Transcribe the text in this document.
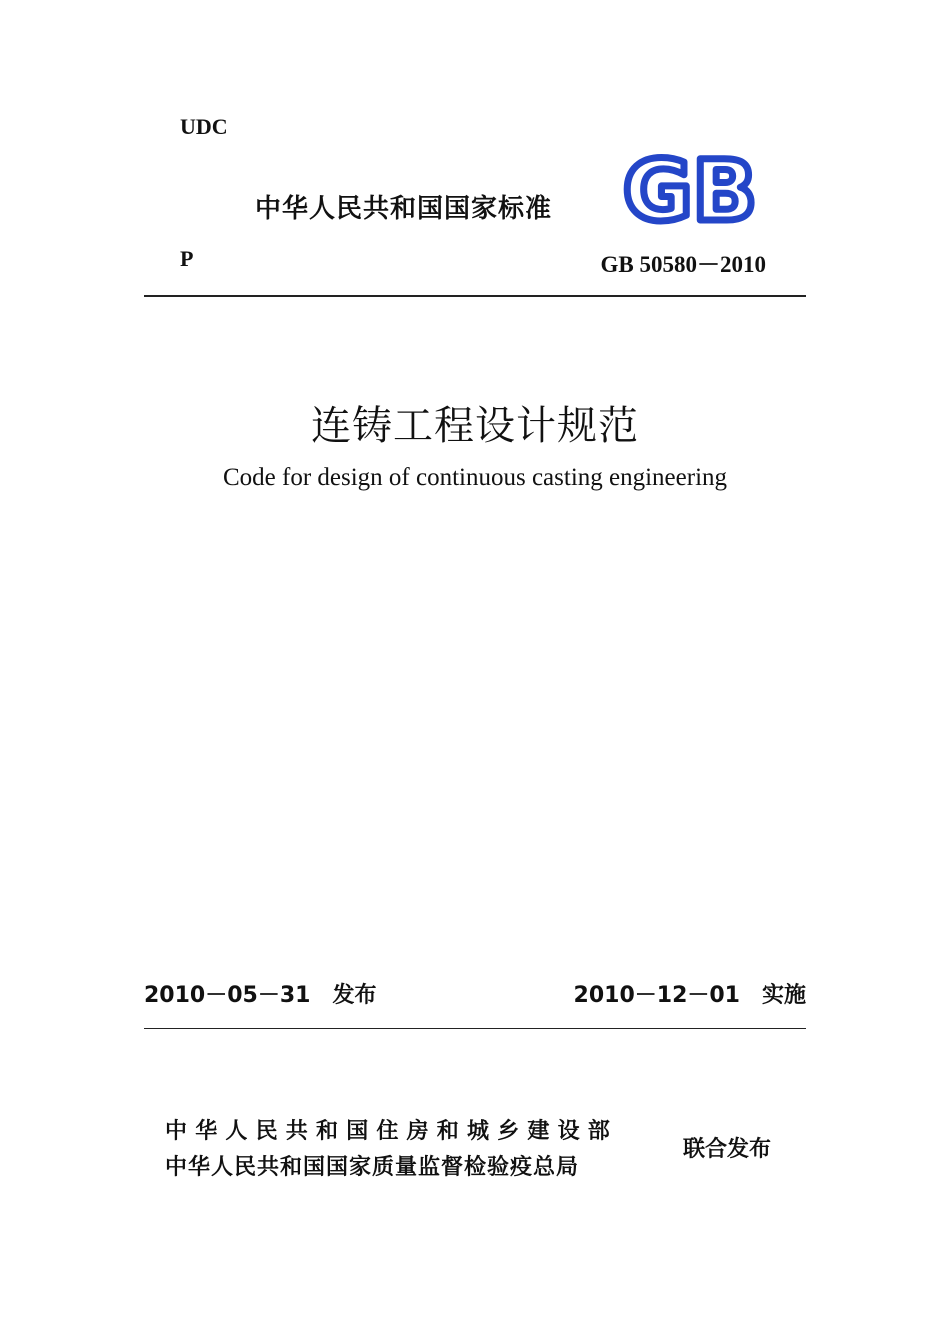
UDC
中华人民共和国国家标准 GB
P	GB 50580－2010
连铸工程设计规范
Code for design of continuous casting engineering
2010－05－31　发布	2010－12－01　实施
中华人民共和国住房和城乡建设部
中华人民共和国国家质量监督检验疫总局
联合发布
